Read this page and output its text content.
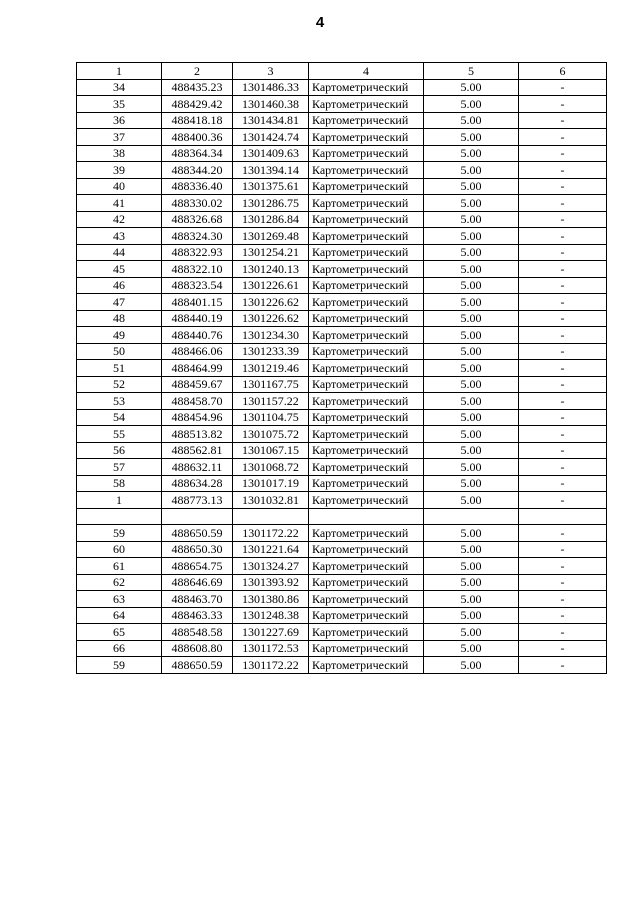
4
1	2	3	4	5	6
34	488435.23	1301486.33	Картометрический	5.00	-
35	488429.42	1301460.38	Картометрический	5.00	-
36	488418.18	1301434.81	Картометрический	5.00	-
37	488400.36	1301424.74	Картометрический	5.00	-
38	488364.34	1301409.63	Картометрический	5.00	-
39	488344.20	1301394.14	Картометрический	5.00	-
40	488336.40	1301375.61	Картометрический	5.00	-
41	488330.02	1301286.75	Картометрический	5.00	-
42	488326.68	1301286.84	Картометрический	5.00	-
43	488324.30	1301269.48	Картометрический	5.00	-
44	488322.93	1301254.21	Картометрический	5.00	-
45	488322.10	1301240.13	Картометрический	5.00	-
46	488323.54	1301226.61	Картометрический	5.00	-
47	488401.15	1301226.62	Картометрический	5.00	-
48	488440.19	1301226.62	Картометрический	5.00	-
49	488440.76	1301234.30	Картометрический	5.00	-
50	488466.06	1301233.39	Картометрический	5.00	-
51	488464.99	1301219.46	Картометрический	5.00	-
52	488459.67	1301167.75	Картометрический	5.00	-
53	488458.70	1301157.22	Картометрический	5.00	-
54	488454.96	1301104.75	Картометрический	5.00	-
55	488513.82	1301075.72	Картометрический	5.00	-
56	488562.81	1301067.15	Картометрический	5.00	-
57	488632.11	1301068.72	Картометрический	5.00	-
58	488634.28	1301017.19	Картометрический	5.00	-
1	488773.13	1301032.81	Картометрический	5.00	-

59	488650.59	1301172.22	Картометрический	5.00	-
60	488650.30	1301221.64	Картометрический	5.00	-
61	488654.75	1301324.27	Картометрический	5.00	-
62	488646.69	1301393.92	Картометрический	5.00	-
63	488463.70	1301380.86	Картометрический	5.00	-
64	488463.33	1301248.38	Картометрический	5.00	-
65	488548.58	1301227.69	Картометрический	5.00	-
66	488608.80	1301172.53	Картометрический	5.00	-
59	488650.59	1301172.22	Картометрический	5.00	-
